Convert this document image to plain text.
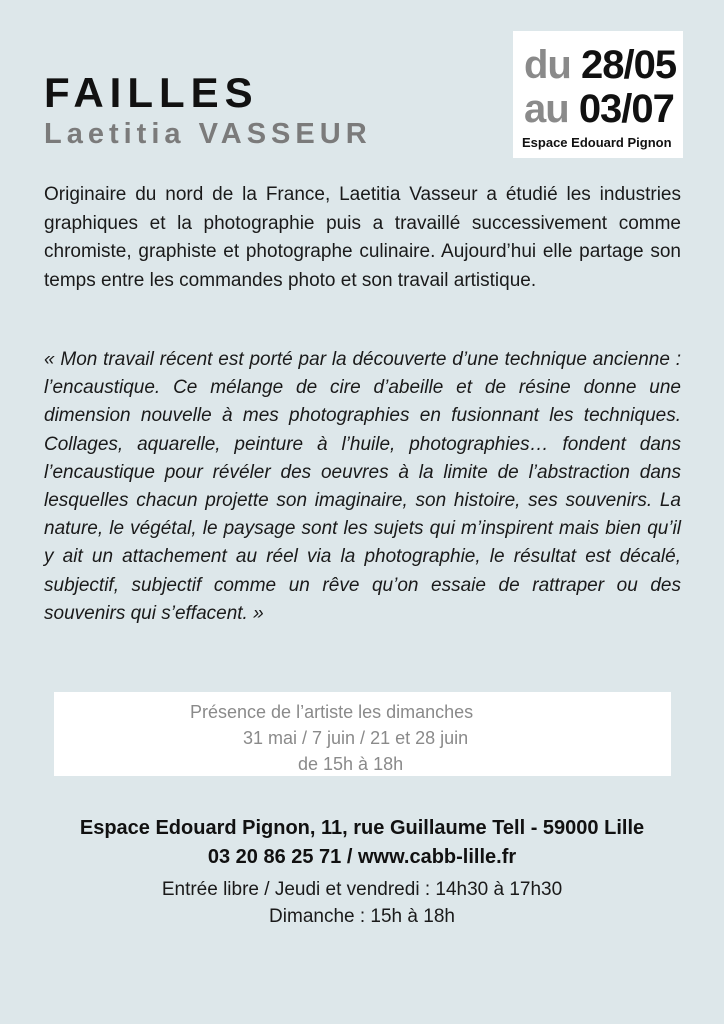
FAILLES
Laetitia VASSEUR
du 28/05
au 03/07
Espace Edouard Pignon

Originaire du nord de la France, Laetitia Vasseur a étudié les industries graphiques et la photographie puis a travaillé successivement comme chromiste, graphiste et photographe culinaire. Aujourd’hui elle partage son temps entre les commandes photo et son travail artistique.

« Mon travail récent est porté par la découverte d’une technique ancienne : l’encaustique. Ce mélange de cire d’abeille et de résine donne une dimension nouvelle à mes photographies en fusionnant les techniques. Collages, aquarelle, peinture à l’huile, photographies… fondent dans l’encaustique pour révéler des oeuvres à la limite de l’abstraction dans lesquelles chacun projette son imaginaire, son histoire, ses souvenirs. La nature, le végétal, le paysage sont les sujets qui m’inspirent mais bien qu’il y ait un attachement au réel via la photographie, le résultat est décalé, subjectif, subjectif comme un rêve qu’on essaie de rattraper ou des souvenirs qui s’effacent. »

Présence de l’artiste les dimanches
31 mai / 7 juin / 21 et 28 juin
de 15h à 18h
Espace Edouard Pignon, 11, rue Guillaume Tell - 59000 Lille
03 20 86 25 71 / www.cabb-lille.fr
Entrée libre / Jeudi et vendredi : 14h30 à 17h30
Dimanche : 15h à 18h
